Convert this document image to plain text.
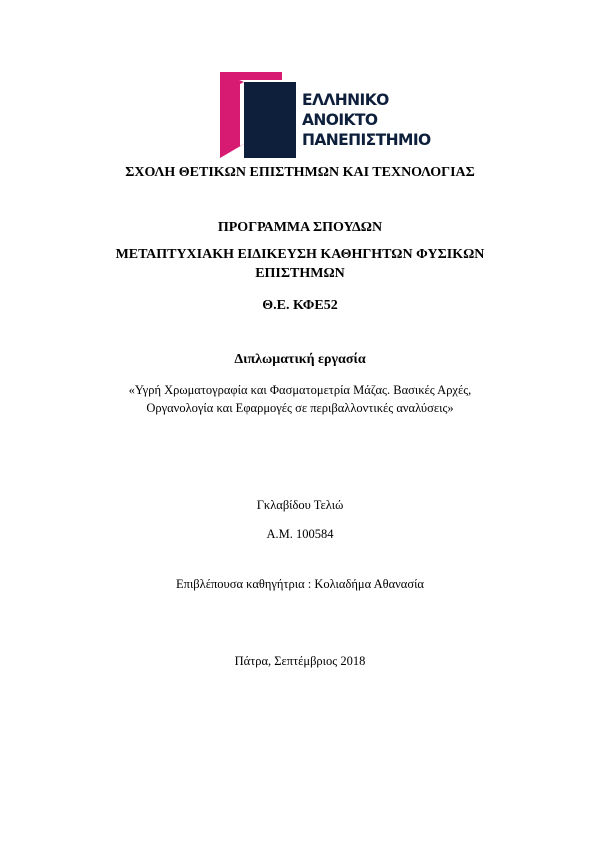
ΕΛΛΗΝΙΚΟ
ΑΝΟΙΚΤΟ
ΠΑΝΕΠΙΣΤΗΜΙΟ
ΣΧΟΛΗ ΘΕΤΙΚΩΝ ΕΠΙΣΤΗΜΩΝ ΚΑΙ ΤΕΧΝΟΛΟΓΙΑΣ
ΠΡΟΓΡΑΜΜΑ ΣΠΟΥΔΩΝ
ΜΕΤΑΠΤΥΧΙΑΚΗ ΕΙΔΙΚΕΥΣΗ ΚΑΘΗΓΗΤΩΝ ΦΥΣΙΚΩΝ
ΕΠΙΣΤΗΜΩΝ
Θ.Ε. ΚΦΕ52
Διπλωματική εργασία
«Υγρή Χρωματογραφία και Φασματομετρία Μάζας. Βασικές Αρχές,
Οργανολογία και Εφαρμογές σε περιβαλλοντικές αναλύσεις»
Γκλαβίδου Τελιώ
Α.Μ. 100584
Επιβλέπουσα καθηγήτρια : Κολιαδήμα Αθανασία
Πάτρα, Σεπτέμβριος 2018
